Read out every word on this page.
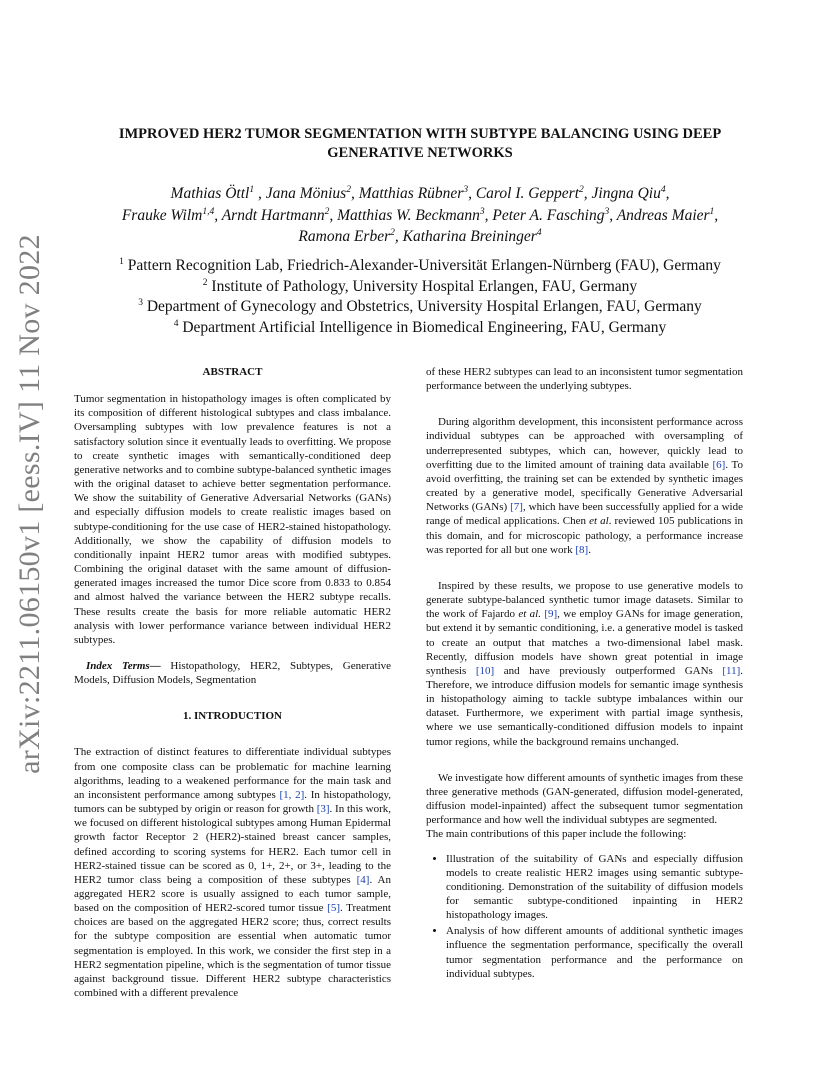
arXiv:2211.06150v1 [eess.IV] 11 Nov 2022
IMPROVED HER2 TUMOR SEGMENTATION WITH SUBTYPE BALANCING USING DEEP GENERATIVE NETWORKS
Mathias Öttl$^1$ , Jana Mönius$^2$, Matthias Rübner$^3$, Carol I. Geppert$^2$, Jingna Qiu$^4$,
Frauke Wilm$^{1,4}$, Arndt Hartmann$^2$, Matthias W. Beckmann$^3$, Peter A. Fasching$^3$, Andreas Maier$^1$,
Ramona Erber$^2$, Katharina Breininger$^4$
$^1$ Pattern Recognition Lab, Friedrich-Alexander-Universität Erlangen-Nürnberg (FAU), Germany
$^2$ Institute of Pathology, University Hospital Erlangen, FAU, Germany
$^3$ Department of Gynecology and Obstetrics, University Hospital Erlangen, FAU, Germany
$^4$ Department Artificial Intelligence in Biomedical Engineering, FAU, Germany

ABSTRACT

Tumor segmentation in histopathology images is often complicated by its composition of different histological subtypes and class imbalance. Oversampling subtypes with low prevalence features is not a satisfactory solution since it eventually leads to overfitting. We propose to create synthetic images with semantically-conditioned deep generative networks and to combine subtype-balanced synthetic images with the original dataset to achieve better segmentation performance. We show the suitability of Generative Adversarial Networks (GANs) and especially diffusion models to create realistic images based on subtype-conditioning for the use case of HER2-stained histopathology. Additionally, we show the capability of diffusion models to conditionally inpaint HER2 tumor areas with modified subtypes. Combining the original dataset with the same amount of diffusion-generated images increased the tumor Dice score from 0.833 to 0.854 and almost halved the variance between the HER2 subtype recalls. These results create the basis for more reliable automatic HER2 analysis with lower performance variance between individual HER2 subtypes.

Index Terms— Histopathology, HER2, Subtypes, Generative Models, Diffusion Models, Segmentation

1. INTRODUCTION

The extraction of distinct features to differentiate individual subtypes from one composite class can be problematic for machine learning algorithms, leading to a weakened performance for the main task and an inconsistent performance among subtypes [1, 2]. In histopathology, tumors can be subtyped by origin or reason for growth [3]. In this work, we focused on different histological subtypes among Human Epidermal growth factor Receptor 2 (HER2)-stained breast cancer samples, defined according to scoring systems for HER2. Each tumor cell in HER2-stained tissue can be scored as 0, 1+, 2+, or 3+, leading to the HER2 tumor class being a composition of these subtypes [4]. An aggregated HER2 score is usually assigned to each tumor sample, based on the composition of HER2-scored tumor tissue [5]. Treatment choices are based on the aggregated HER2 score; thus, correct results for the subtype composition are essential when automatic tumor segmentation is employed. In this work, we consider the first step in a HER2 segmentation pipeline, which is the segmentation of tumor tissue against background tissue. Different HER2 subtype characteristics combined with a different prevalence

of these HER2 subtypes can lead to an inconsistent tumor segmentation performance between the underlying subtypes.

During algorithm development, this inconsistent performance across individual subtypes can be approached with oversampling of underrepresented subtypes, which can, however, quickly lead to overfitting due to the limited amount of training data available [6]. To avoid overfitting, the training set can be extended by synthetic images created by a generative model, specifically Generative Adversarial Networks (GANs) [7], which have been successfully applied for a wide range of medical applications. Chen et al. reviewed 105 publications in this domain, and for microscopic pathology, a performance increase was reported for all but one work [8].

Inspired by these results, we propose to use generative models to generate subtype-balanced synthetic tumor image datasets. Similar to the work of Fajardo et al. [9], we employ GANs for image generation, but extend it by semantic conditioning, i.e. a generative model is tasked to create an output that matches a two-dimensional label mask. Recently, diffusion models have shown great potential in image synthesis [10] and have previously outperformed GANs [11]. Therefore, we introduce diffusion models for semantic image synthesis in histopathology aiming to tackle subtype imbalances within our dataset. Furthermore, we experiment with partial image synthesis, where we use semantically-conditioned diffusion models to inpaint tumor regions, while the background remains unchanged.

We investigate how different amounts of synthetic images from these three generative methods (GAN-generated, diffusion model-generated, diffusion model-inpainted) affect the subsequent tumor segmentation performance and how well the individual subtypes are segmented.

The main contributions of this paper include the following:

• Illustration of the suitability of GANs and especially diffusion models to create realistic HER2 images using semantic subtype-conditioning. Demonstration of the suitability of diffusion models for semantic subtype-conditioned inpainting in HER2 histopathology images.
• Analysis of how different amounts of additional synthetic images influence the segmentation performance, specifically the overall tumor segmentation performance and the performance on individual subtypes.
